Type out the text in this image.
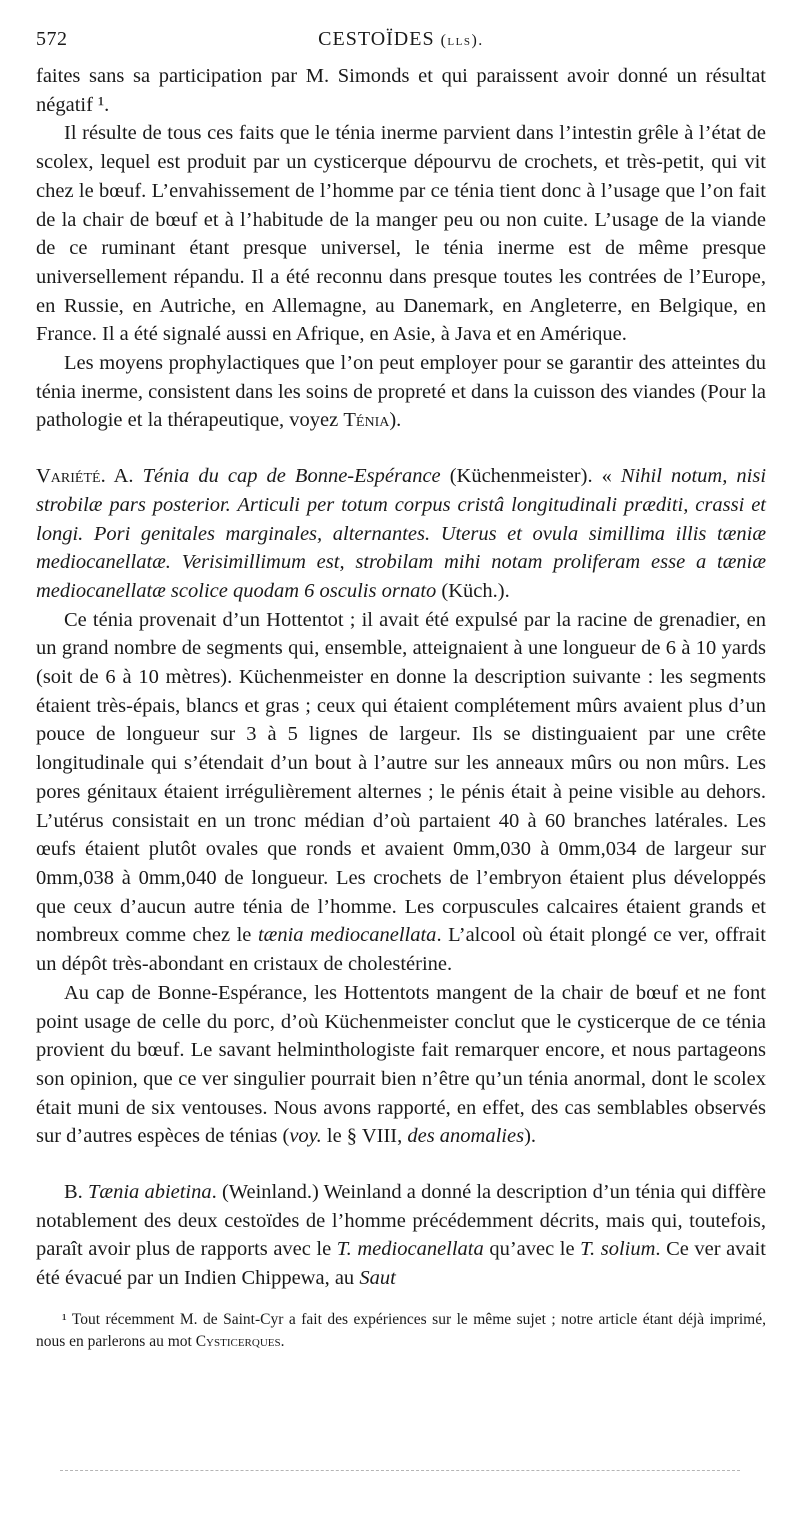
572	CESTOÏDES (lls).

faites sans sa participation par M. Simonds et qui paraissent avoir donné un résultat négatif ¹.

Il résulte de tous ces faits que le ténia inerme parvient dans l’intestin grêle à l’état de scolex, lequel est produit par un cysticerque dépourvu de crochets, et très-petit, qui vit chez le bœuf. L’envahissement de l’homme par ce ténia tient donc à l’usage que l’on fait de la chair de bœuf et à l’habitude de la manger peu ou non cuite. L’usage de la viande de ce ruminant étant presque universel, le ténia inerme est de même presque universellement répandu. Il a été reconnu dans presque toutes les contrées de l’Europe, en Russie, en Autriche, en Allemagne, au Danemark, en Angleterre, en Belgique, en France. Il a été signalé aussi en Afrique, en Asie, à Java et en Amérique.

Les moyens prophylactiques que l’on peut employer pour se garantir des atteintes du ténia inerme, consistent dans les soins de propreté et dans la cuisson des viandes (Pour la pathologie et la thérapeutique, voyez Ténia).

Variété. A. Ténia du cap de Bonne-Espérance (Küchenmeister). « Nihil notum, nisi strobilæ pars posterior. Articuli per totum corpus cristâ longitudinali præditi, crassi et longi. Pori genitales marginales, alternantes. Uterus et ovula simillima illis tæniæ mediocanellatæ. Verisimillimum est, strobilam mihi notam proliferam esse a tæniæ mediocanellatæ scolice quodam 6 osculis ornato (Küch.).

Ce ténia provenait d’un Hottentot ; il avait été expulsé par la racine de grenadier, en un grand nombre de segments qui, ensemble, atteignaient à une longueur de 6 à 10 yards (soit de 6 à 10 mètres). Küchenmeister en donne la description suivante : les segments étaient très-épais, blancs et gras ; ceux qui étaient complétement mûrs avaient plus d’un pouce de longueur sur 3 à 5 lignes de largeur. Ils se distinguaient par une crête longitudinale qui s’étendait d’un bout à l’autre sur les anneaux mûrs ou non mûrs. Les pores génitaux étaient irrégulièrement alternes ; le pénis était à peine visible au dehors. L’utérus consistait en un tronc médian d’où partaient 40 à 60 branches latérales. Les œufs étaient plutôt ovales que ronds et avaient 0mm,030 à 0mm,034 de largeur sur 0mm,038 à 0mm,040 de longueur. Les crochets de l’embryon étaient plus développés que ceux d’aucun autre ténia de l’homme. Les corpuscules calcaires étaient grands et nombreux comme chez le tænia mediocanellata. L’alcool où était plongé ce ver, offrait un dépôt très-abondant en cristaux de cholestérine.

Au cap de Bonne-Espérance, les Hottentots mangent de la chair de bœuf et ne font point usage de celle du porc, d’où Küchenmeister conclut que le cysticerque de ce ténia provient du bœuf. Le savant helminthologiste fait remarquer encore, et nous partageons son opinion, que ce ver singulier pourrait bien n’être qu’un ténia anormal, dont le scolex était muni de six ventouses. Nous avons rapporté, en effet, des cas semblables observés sur d’autres espèces de ténias (voy. le § VIII, des anomalies).

B. Tænia abietina. (Weinland.) Weinland a donné la description d’un ténia qui diffère notablement des deux cestoïdes de l’homme précédemment décrits, mais qui, toutefois, paraît avoir plus de rapports avec le T. mediocanellata qu’avec le T. solium. Ce ver avait été évacué par un Indien Chippewa, au Saut

¹ Tout récemment M. de Saint-Cyr a fait des expériences sur le même sujet ; notre article étant déjà imprimé, nous en parlerons au mot Cysticerques.
